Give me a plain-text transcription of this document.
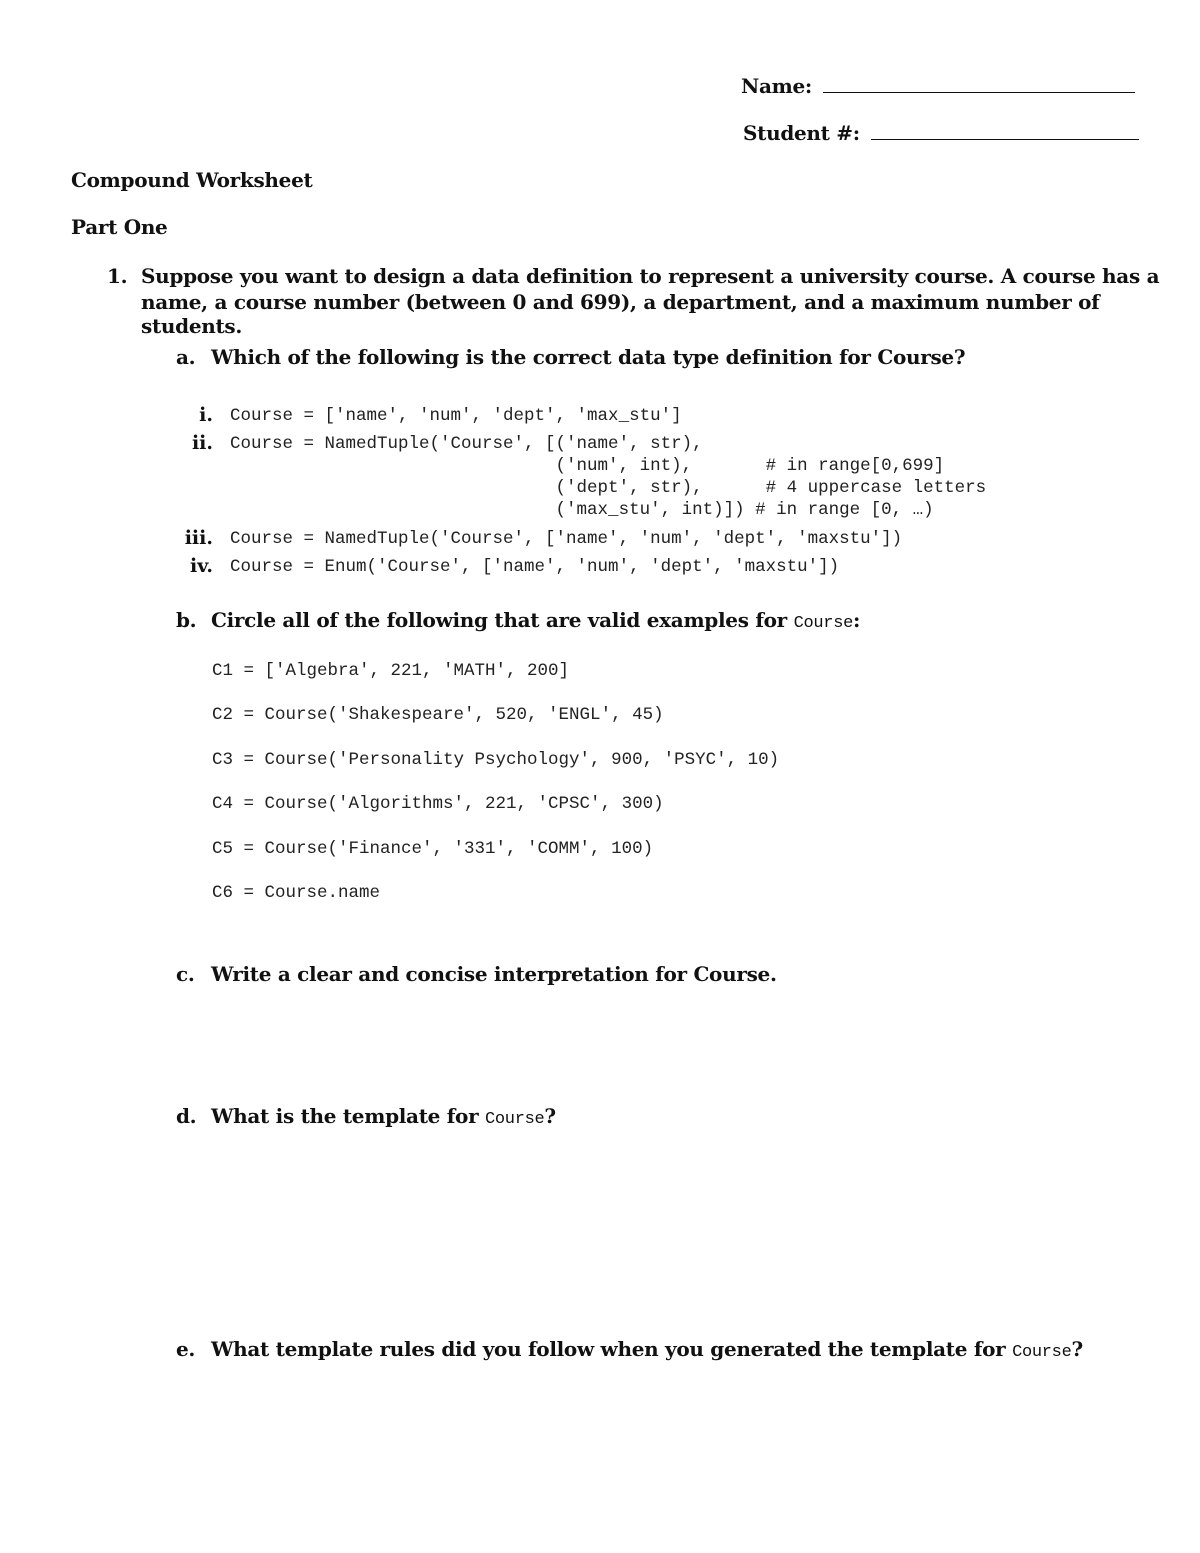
Name:
Student #:
Compound Worksheet
Part One
1. Suppose you want to design a data definition to represent a university course. A course has a
name, a course number (between 0 and 699), a department, and a maximum number of students.
a. Which of the following is the correct data type definition for Course?
i. Course = ['name', 'num', 'dept', 'max_stu']
ii. Course = NamedTuple('Course', [('name', str),
('num', int),       # in range[0,699]
('dept', str),      # 4 uppercase letters
('max_stu', int)]) # in range [0, …)
iii. Course = NamedTuple('Course', ['name', 'num', 'dept', 'maxstu'])
iv. Course = Enum('Course', ['name', 'num', 'dept', 'maxstu'])
b. Circle all of the following that are valid examples for Course:
C1 = ['Algebra', 221, 'MATH', 200]
C2 = Course('Shakespeare', 520, 'ENGL', 45)
C3 = Course('Personality Psychology', 900, 'PSYC', 10)
C4 = Course('Algorithms', 221, 'CPSC', 300)
C5 = Course('Finance', '331', 'COMM', 100)
C6 = Course.name
c. Write a clear and concise interpretation for Course.
d. What is the template for Course?
e. What template rules did you follow when you generated the template for Course?
